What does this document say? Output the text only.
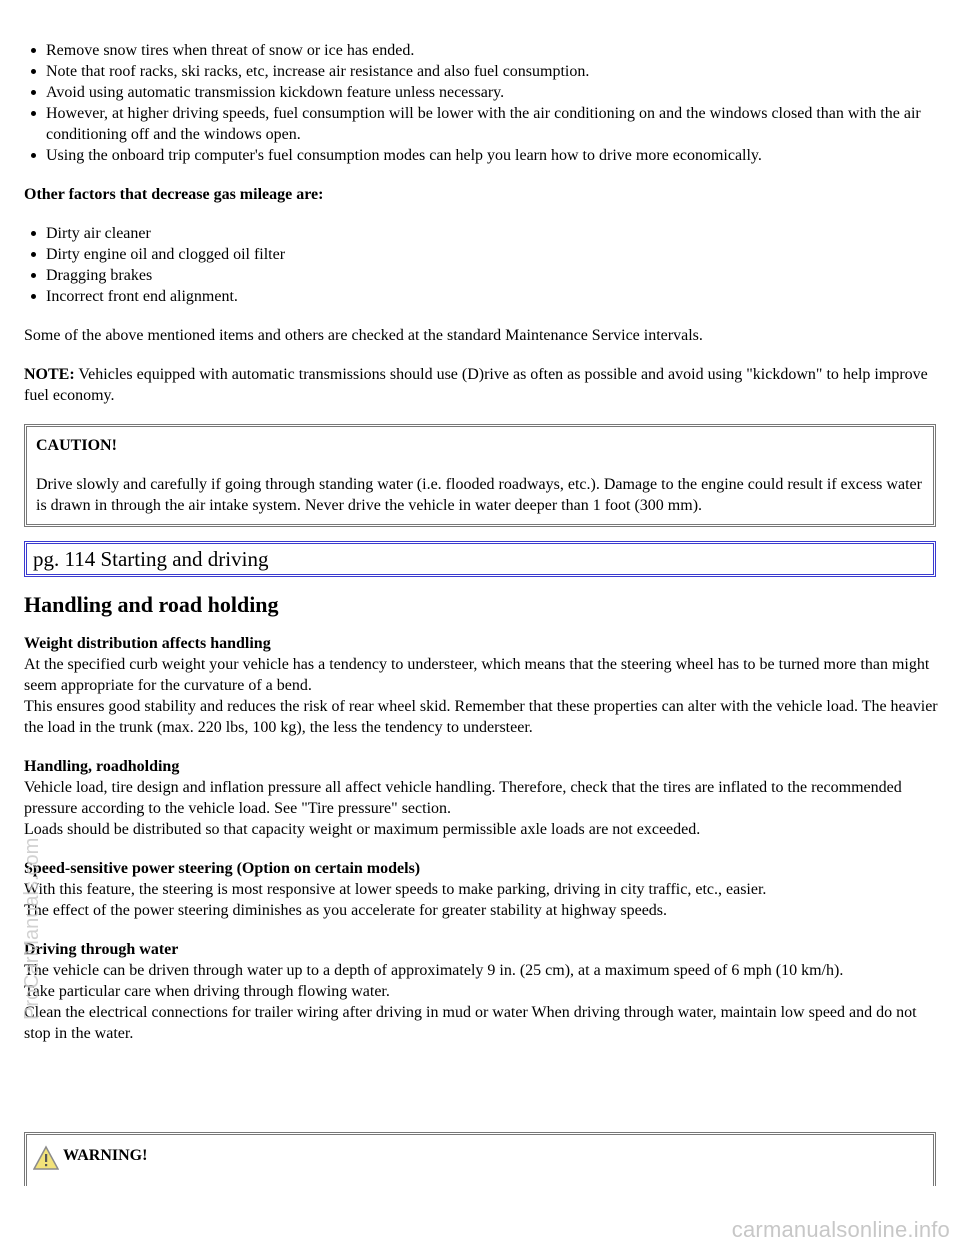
Remove snow tires when threat of snow or ice has ended.
Note that roof racks, ski racks, etc, increase air resistance and also fuel consumption.
Avoid using automatic transmission kickdown feature unless necessary.
However, at higher driving speeds, fuel consumption will be lower with the air conditioning on and the windows closed than with the air conditioning off and the windows open.
Using the onboard trip computer's fuel consumption modes can help you learn how to drive more economically.

Other factors that decrease gas mileage are:

Dirty air cleaner
Dirty engine oil and clogged oil filter
Dragging brakes
Incorrect front end alignment.

Some of the above mentioned items and others are checked at the standard Maintenance Service intervals.

NOTE: Vehicles equipped with automatic transmissions should use (D)rive as often as possible and avoid using "kickdown" to help improve fuel economy.

CAUTION!

Drive slowly and carefully if going through standing water (i.e. flooded roadways, etc.). Damage to the engine could result if excess water is drawn in through the air intake system. Never drive the vehicle in water deeper than 1 foot (300 mm).

pg. 114 Starting and driving
Handling and road holding

Weight distribution affects handling

At the specified curb weight your vehicle has a tendency to understeer, which means that the steering wheel has to be turned more than might seem appropriate for the curvature of a bend.

This ensures good stability and reduces the risk of rear wheel skid. Remember that these properties can alter with the vehicle load. The heavier the load in the trunk (max. 220 lbs, 100 kg), the less the tendency to understeer.

Handling, roadholding

Vehicle load, tire design and inflation pressure all affect vehicle handling. Therefore, check that the tires are inflated to the recommended pressure according to the vehicle load. See "Tire pressure" section.

Loads should be distributed so that capacity weight or maximum permissible axle loads are not exceeded.

Speed-sensitive power steering (Option on certain models)

With this feature, the steering is most responsive at lower speeds to make parking, driving in city traffic, etc., easier.

The effect of the power steering diminishes as you accelerate for greater stability at highway speeds.

Driving through water

The vehicle can be driven through water up to a depth of approximately 9 in. (25 cm), at a maximum speed of 6 mph (10 km/h).

Take particular care when driving through flowing water.

Clean the electrical connections for trailer wiring after driving in mud or water When driving through water, maintain low speed and do not stop in the water.

WARNING!
ProCarManuals.com
carmanualsonline.info
